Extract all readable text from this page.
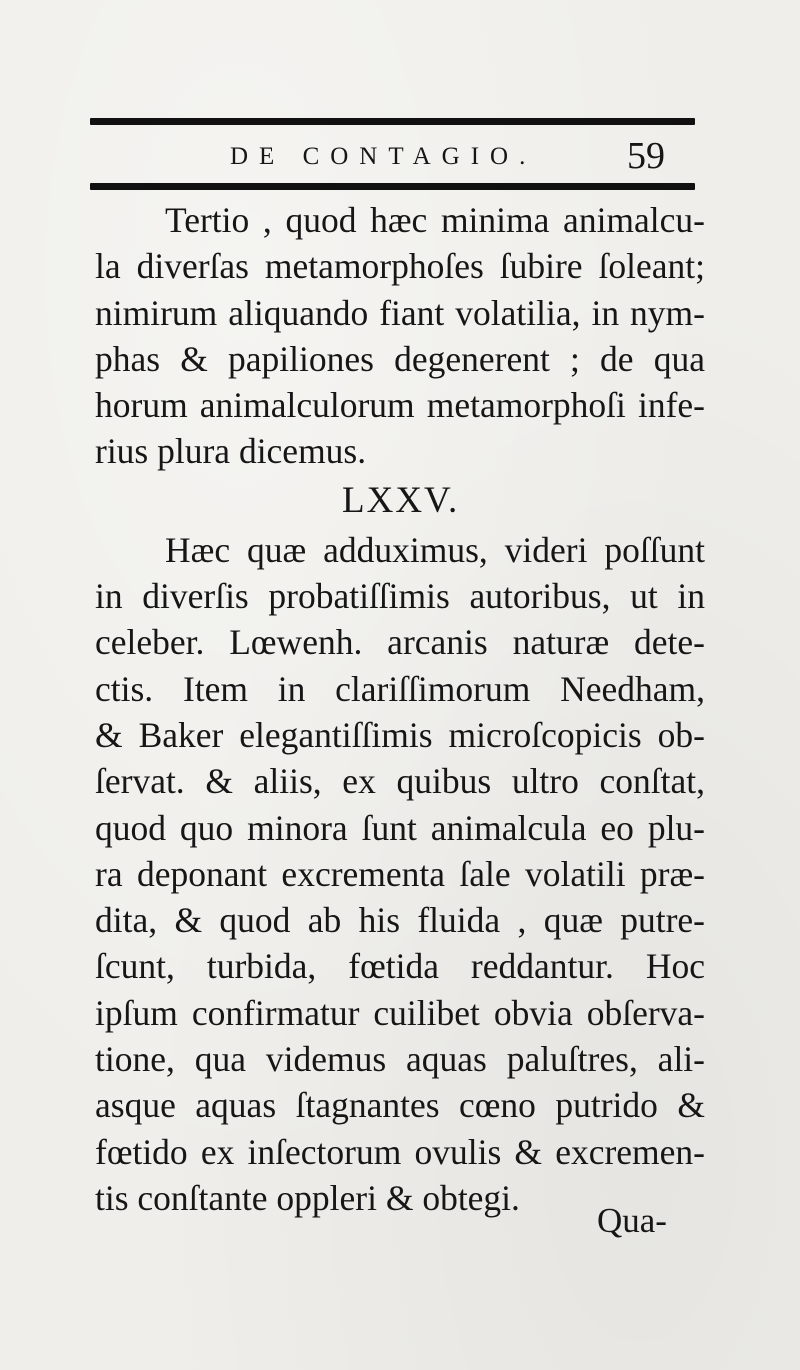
DE CONTAGIO. 59
Tertio , quod hæc minima animalcu-
la diverſas metamorphoſes ſubire ſoleant;
nimirum aliquando fiant volatilia, in nym-
phas & papiliones degenerent ; de qua
horum animalculorum metamorphoſi infe-
rius plura dicemus.
LXXV.
Hæc quæ adduximus, videri poſſunt
in diverſis probatiſſimis autoribus, ut in
celeber. Lœwenh. arcanis naturæ dete-
ctis. Item in clariſſimorum Needham,
& Baker elegantiſſimis microſcopicis ob-
ſervat. & aliis, ex quibus ultro conſtat,
quod quo minora ſunt animalcula eo plu-
ra deponant excrementa ſale volatili præ-
dita, & quod ab his fluida , quæ putre-
ſcunt, turbida, fœtida reddantur. Hoc
ipſum confirmatur cuilibet obvia obſerva-
tione, qua videmus aquas paluſtres, ali-
asque aquas ſtagnantes cœno putrido &
fœtido ex inſectorum ovulis & excremen-
tis conſtante oppleri & obtegi.
Qua-
